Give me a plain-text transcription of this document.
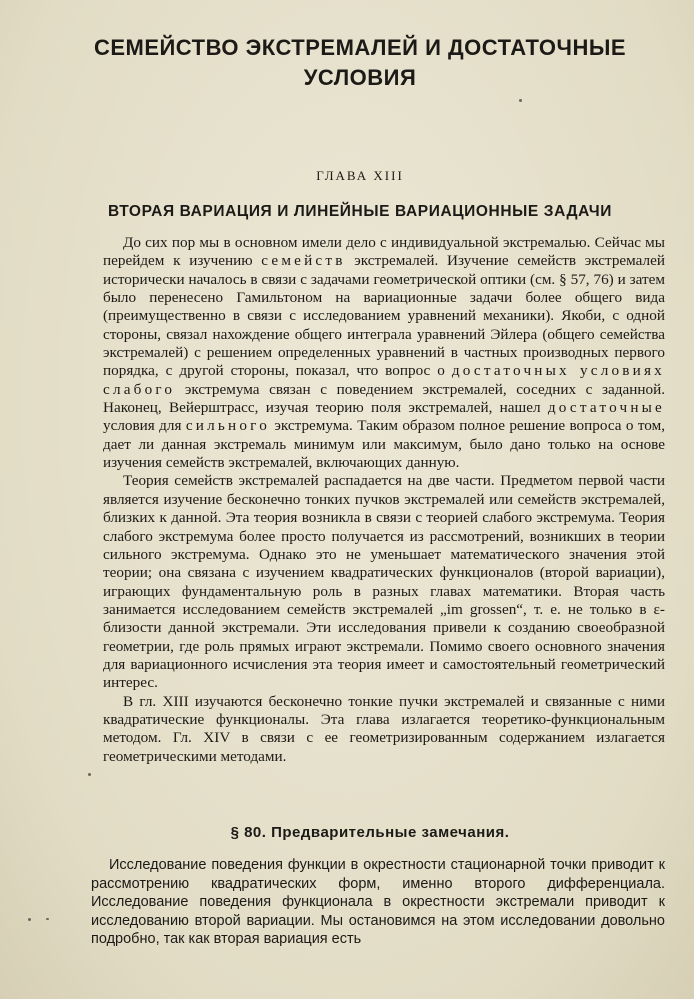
СЕМЕЙСТВО ЭКСТРЕМАЛЕЙ И ДОСТАТОЧНЫЕ
УСЛОВИЯ
ГЛАВА XIII
ВТОРАЯ ВАРИАЦИЯ И ЛИНЕЙНЫЕ ВАРИАЦИОННЫЕ ЗАДАЧИ

До сих пор мы в основном имели дело с индивидуальной экстремалью. Сейчас мы перейдем к изучению семейств экстремалей. Изучение семейств экстремалей исторически началось в связи с задачами геометрической оптики (см. § 57, 76) и затем было перенесено Гамильтоном на вариационные задачи более общего вида (преимущественно в связи с исследованием уравнений механики). Якоби, с одной стороны, связал нахождение общего интеграла уравнений Эйлера (общего семейства экстремалей) с решением определенных уравнений в частных производных первого порядка, с другой стороны, показал, что вопрос о достаточных условиях слабого экстремума связан с поведением экстремалей, соседних с заданной. Наконец, Вейерштрасс, изучая теорию поля экстремалей, нашел достаточные условия для сильного экстремума. Таким образом полное решение вопроса о том, дает ли данная экстремаль минимум или максимум, было дано только на основе изучения семейств экстремалей, включающих данную.

Теория семейств экстремалей распадается на две части. Предметом первой части является изучение бесконечно тонких пучков экстремалей или семейств экстремалей, близких к данной. Эта теория возникла в связи с теорией слабого экстремума. Теория слабого экстремума более просто получается из рассмотрений, возникших в теории сильного экстремума. Однако это не уменьшает математического значения этой теории; она связана с изучением квадратических функционалов (второй вариации), играющих фундаментальную роль в разных главах математики. Вторая часть занимается исследованием семейств экстремалей „im grossen“, т. е. не только в ε-близости данной экстремали. Эти исследования привели к созданию своеобразной геометрии, где роль прямых играют экстремали. Помимо своего основного значения для вариационного исчисления эта теория имеет и самостоятельный геометрический интерес.

В гл. XIII изучаются бесконечно тонкие пучки экстремалей и связанные с ними квадратические функционалы. Эта глава излагается теоретико-функциональным методом. Гл. XIV в связи с ее геометризированным содержанием излагается геометрическими методами.

§ 80. Предварительные замечания.

Исследование поведения функции в окрестности стационарной точки приводит к рассмотрению квадратических форм, именно второго дифференциала. Исследование поведения функционала в окрестности экстремали приводит к исследованию второй вариации. Мы остановимся на этом исследовании довольно подробно, так как вторая вариация есть
